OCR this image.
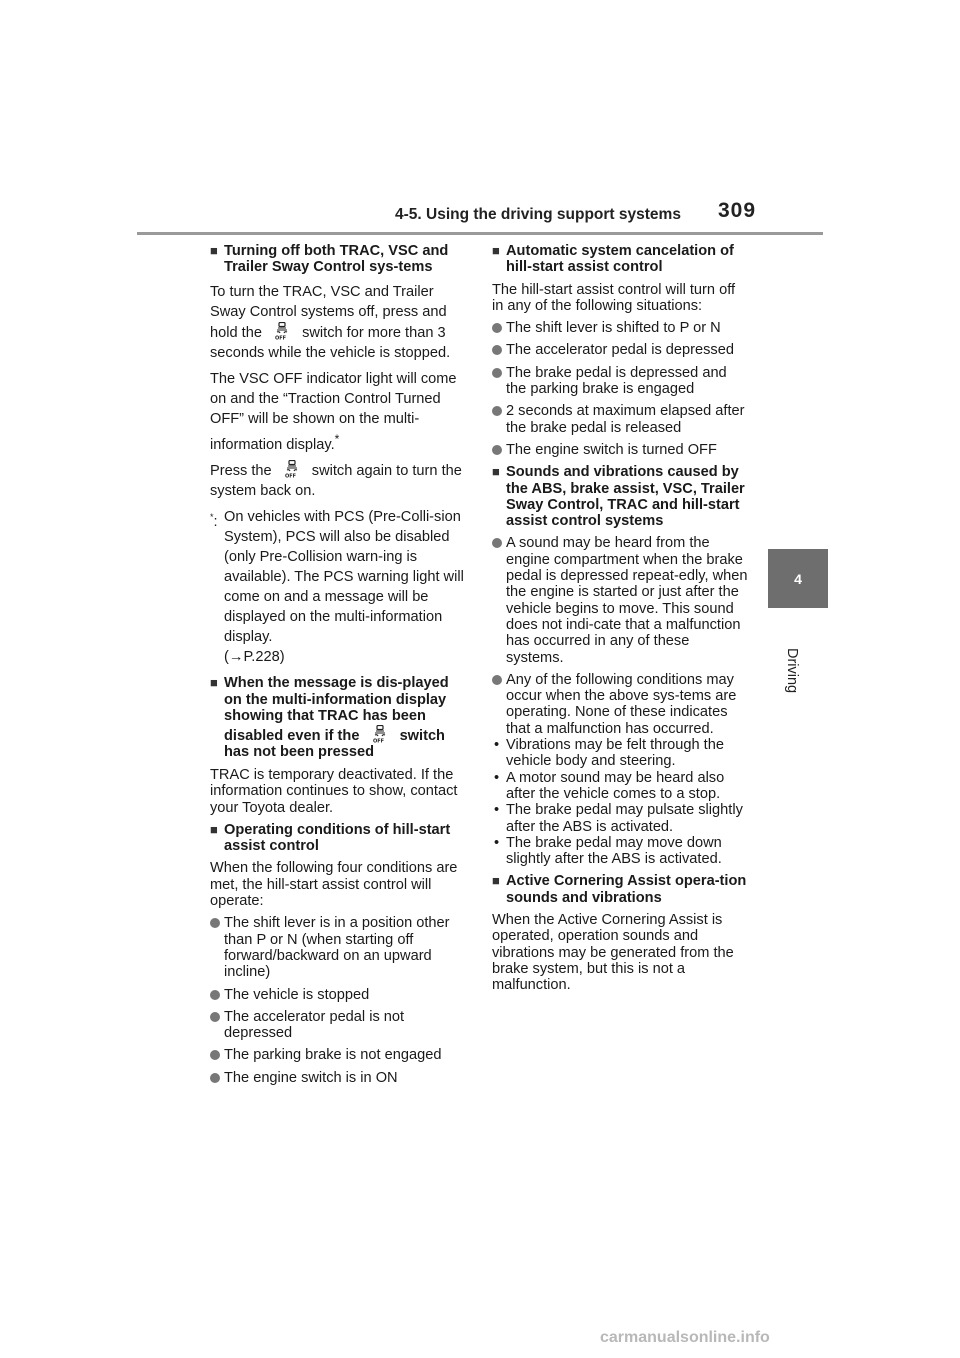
4-5. Using the driving support systems 309
4
Driving
■ Turning off both TRAC, VSC and Trailer Sway Control sys-tems

To turn the TRAC, VSC and Trailer Sway Control systems off, press and hold the	switch for more than 3 seconds while the vehicle is stopped.

The VSC OFF indicator light will come on and the “Traction Control Turned OFF” will be shown on the multi-information display.*

Press the	switch again to turn the system back on.

*: On vehicles with PCS (Pre-Colli-sion System), PCS will also be disabled (only Pre-Collision warn-ing is available). The PCS warning light will come on and a message will be displayed on the multi-information display.
(→P.228)
■ When the message is dis-played on the multi-information display showing that TRAC has been disabled even if the	switch has not been pressed

TRAC is temporary deactivated. If the information continues to show, contact your Toyota dealer.

■ Operating conditions of hill-start assist control

When the following four conditions are met, the hill-start assist control will operate:

The shift lever is in a position other than P or N (when starting off forward/backward on an upward incline)
The vehicle is stopped
The accelerator pedal is not depressed
The parking brake is not engaged
The engine switch is in ON
■ Automatic system cancelation of hill-start assist control

The hill-start assist control will turn off in any of the following situations:

The shift lever is shifted to P or N
The accelerator pedal is depressed
The brake pedal is depressed and the parking brake is engaged
2 seconds at maximum elapsed after the brake pedal is released
The engine switch is turned OFF
■ Sounds and vibrations caused by the ABS, brake assist, VSC, Trailer Sway Control, TRAC and hill-start assist control systems
A sound may be heard from the engine compartment when the brake pedal is depressed repeat-edly, when the engine is started or just after the vehicle begins to move. This sound does not indi-cate that a malfunction has occurred in any of these systems.
Any of the following conditions may occur when the above sys-tems are operating. None of these indicates that a malfunction has occurred.
• Vibrations may be felt through the vehicle body and steering.
• A motor sound may be heard also after the vehicle comes to a stop.
• The brake pedal may pulsate slightly after the ABS is activated.
• The brake pedal may move down slightly after the ABS is activated.
■ Active Cornering Assist opera-tion sounds and vibrations

When the Active Cornering Assist is operated, operation sounds and vibrations may be generated from the brake system, but this is not a malfunction.

carmanualsonline.info
